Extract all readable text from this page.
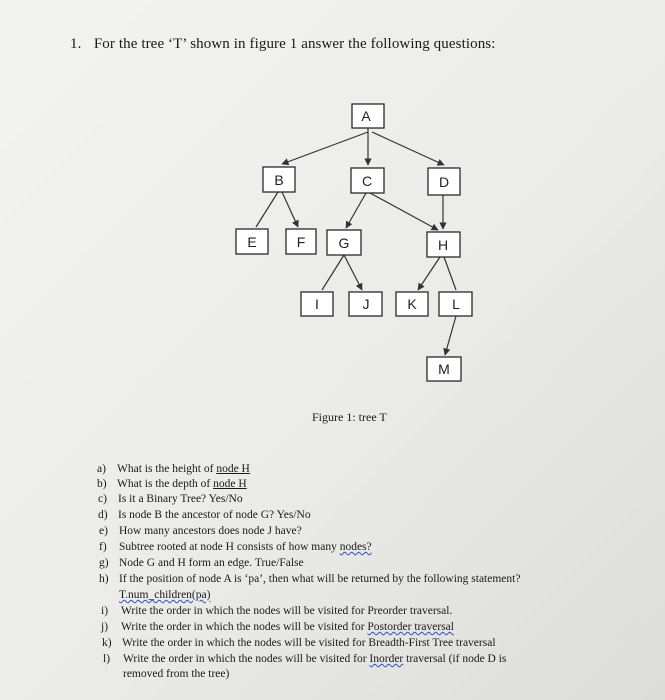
1. For the tree ‘T’ shown in figure 1 answer the following questions:
A
B	C	D
E	F G	H
I	J	K	L
M
Figure 1: tree T
a) What is the height of node H
b) What is the depth of node H
c) Is it a Binary Tree? Yes/No
d) Is node B the ancestor of node G? Yes/No
e) How many ancestors does node J have?
f) Subtree rooted at node H consists of how many nodes?
g) Node G and H form an edge. True/False
h) If the position of node A is ‘pa’, then what will be returned by the following statement?
T.num_children(pa)
i) Write the order in which the nodes will be visited for Preorder traversal.
j) Write the order in which the nodes will be visited for Postorder traversal
k) Write the order in which the nodes will be visited for Breadth-First Tree traversal
l) Write the order in which the nodes will be visited for Inorder traversal (if node D is
removed from the tree)
